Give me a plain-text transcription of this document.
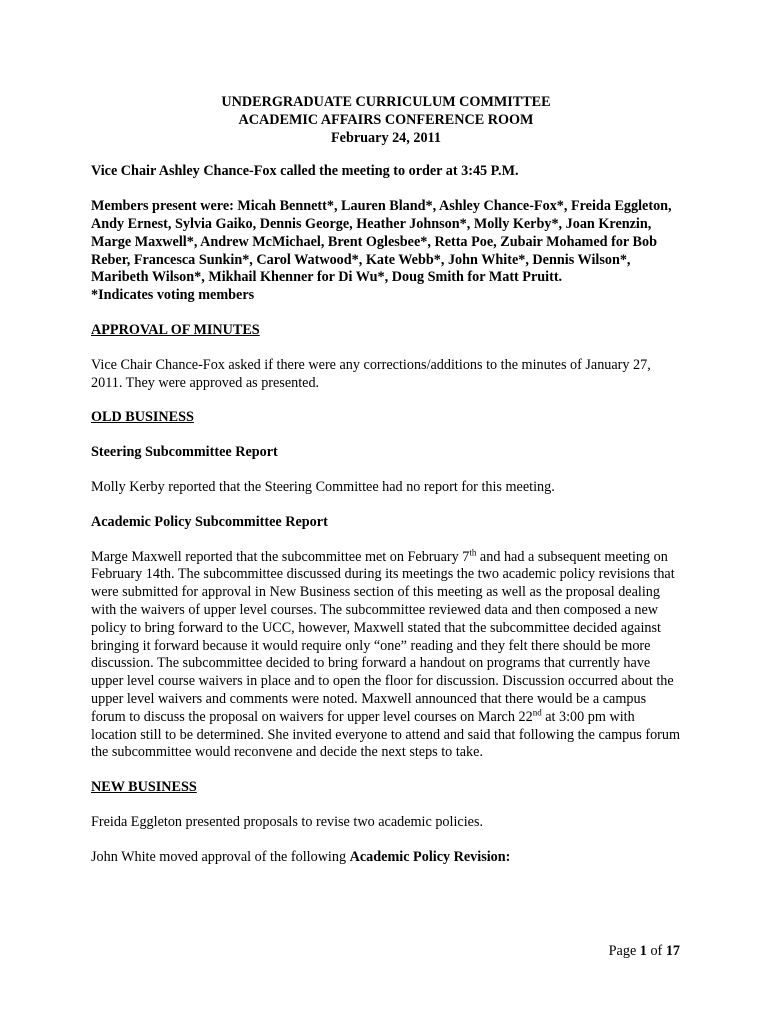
UNDERGRADUATE CURRICULUM COMMITTEE
ACADEMIC AFFAIRS CONFERENCE ROOM
February 24, 2011

Vice Chair Ashley Chance-Fox called the meeting to order at 3:45 P.M.

Members present were: Micah Bennett*, Lauren Bland*, Ashley Chance-Fox*, Freida Eggleton, Andy Ernest, Sylvia Gaiko, Dennis George, Heather Johnson*, Molly Kerby*, Joan Krenzin, Marge Maxwell*, Andrew McMichael, Brent Oglesbee*, Retta Poe, Zubair Mohamed for Bob Reber, Francesca Sunkin*, Carol Watwood*, Kate Webb*, John White*, Dennis Wilson*, Maribeth Wilson*, Mikhail Khenner for Di Wu*, Doug Smith for Matt Pruitt.
*Indicates voting members

APPROVAL OF MINUTES

Vice Chair Chance-Fox asked if there were any corrections/additions to the minutes of January 27, 2011. They were approved as presented.

OLD BUSINESS
Steering Subcommittee Report

Molly Kerby reported that the Steering Committee had no report for this meeting.

Academic Policy Subcommittee Report

Marge Maxwell reported that the subcommittee met on February 7th and had a subsequent meeting on February 14th. The subcommittee discussed during its meetings the two academic policy revisions that were submitted for approval in New Business section of this meeting as well as the proposal dealing with the waivers of upper level courses. The subcommittee reviewed data and then composed a new policy to bring forward to the UCC, however, Maxwell stated that the subcommittee decided against bringing it forward because it would require only “one” reading and they felt there should be more discussion. The subcommittee decided to bring forward a handout on programs that currently have upper level course waivers in place and to open the floor for discussion. Discussion occurred about the upper level waivers and comments were noted. Maxwell announced that there would be a campus forum to discuss the proposal on waivers for upper level courses on March 22nd at 3:00 pm with location still to be determined. She invited everyone to attend and said that following the campus forum the subcommittee would reconvene and decide the next steps to take.

NEW BUSINESS

Freida Eggleton presented proposals to revise two academic policies.

John White moved approval of the following Academic Policy Revision:

Page 1 of 17
